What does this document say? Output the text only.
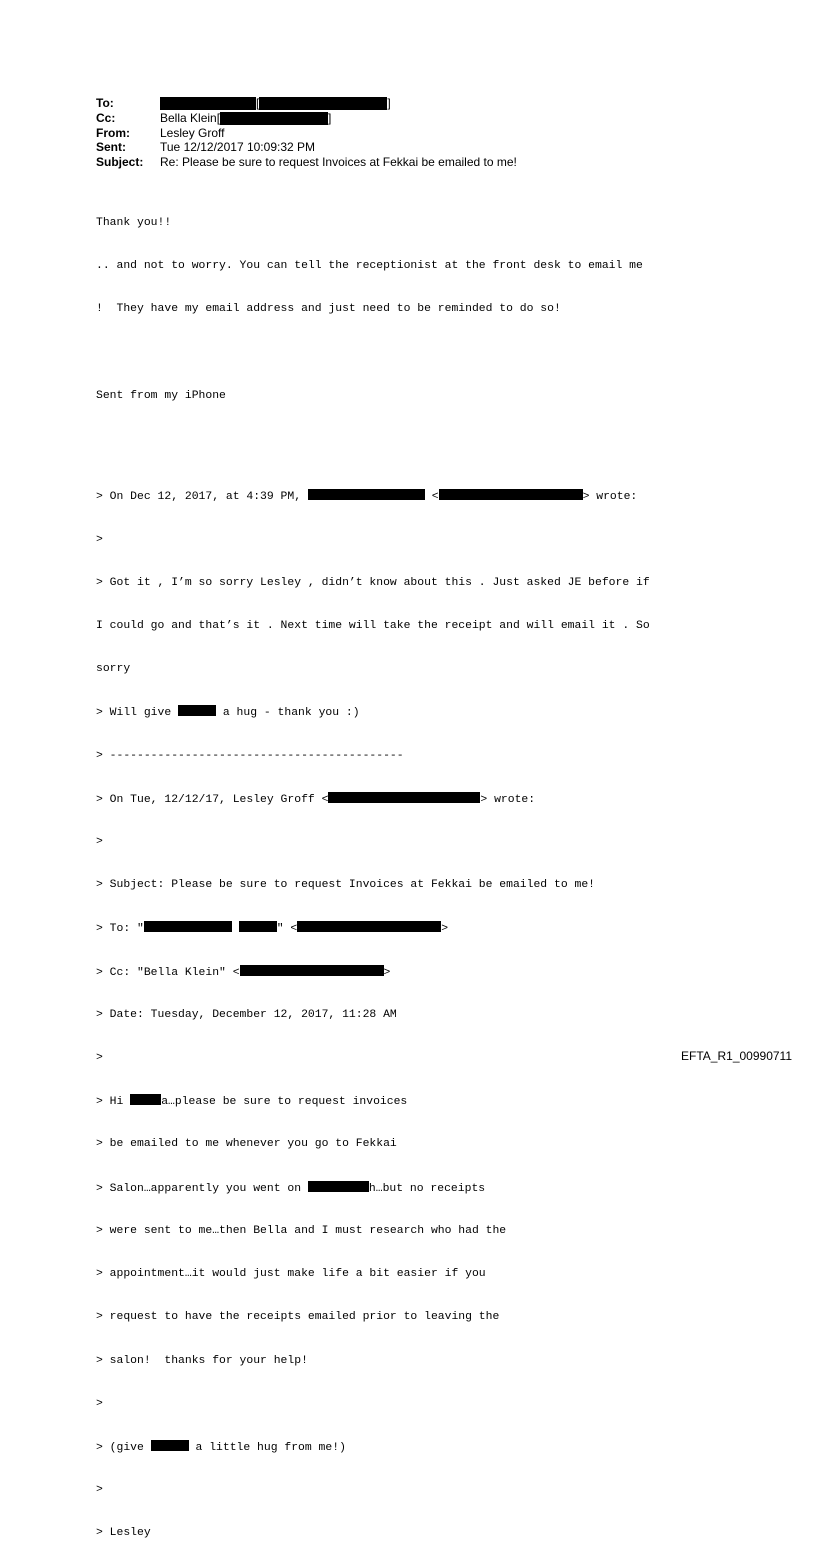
To:	[	]
Cc:	Bella Klein[	]
From:	Lesley Groff
Sent:	Tue 12/12/2017 10:09:32 PM
Subject:	Re: Please be sure to request Invoices at Fekkai be emailed to me!

Thank you!!

.. and not to worry. You can tell the receptionist at the front desk to email me

!  They have my email address and just need to be reminded to do so!

Sent from my iPhone

> On Dec 12, 2017, at 4:39 PM,	<	> wrote:

>

> Got it , I’m so sorry Lesley , didn’t know about this . Just asked JE before if

I could go and that’s it . Next time will take the receipt and will email it . So

sorry

> Will give	a hug - thank you :)

> -------------------------------------------

> On Tue, 12/12/17, Lesley Groff <	> wrote:

>

> Subject: Please be sure to request Invoices at Fekkai be emailed to me!

> To: "	" <	>

> Cc: "Bella Klein" <	>

> Date: Tuesday, December 12, 2017, 11:28 AM

>

> Hi	a…please be sure to request invoices

> be emailed to me whenever you go to Fekkai

> Salon…apparently you went on	h…but no receipts

> were sent to me…then Bella and I must research who had the

> appointment…it would just make life a bit easier if you

> request to have the receipts emailed prior to leaving the

> salon!  thanks for your help!

>

> (give	a little hug from me!)

>

> Lesley

EFTA_R1_00990711
